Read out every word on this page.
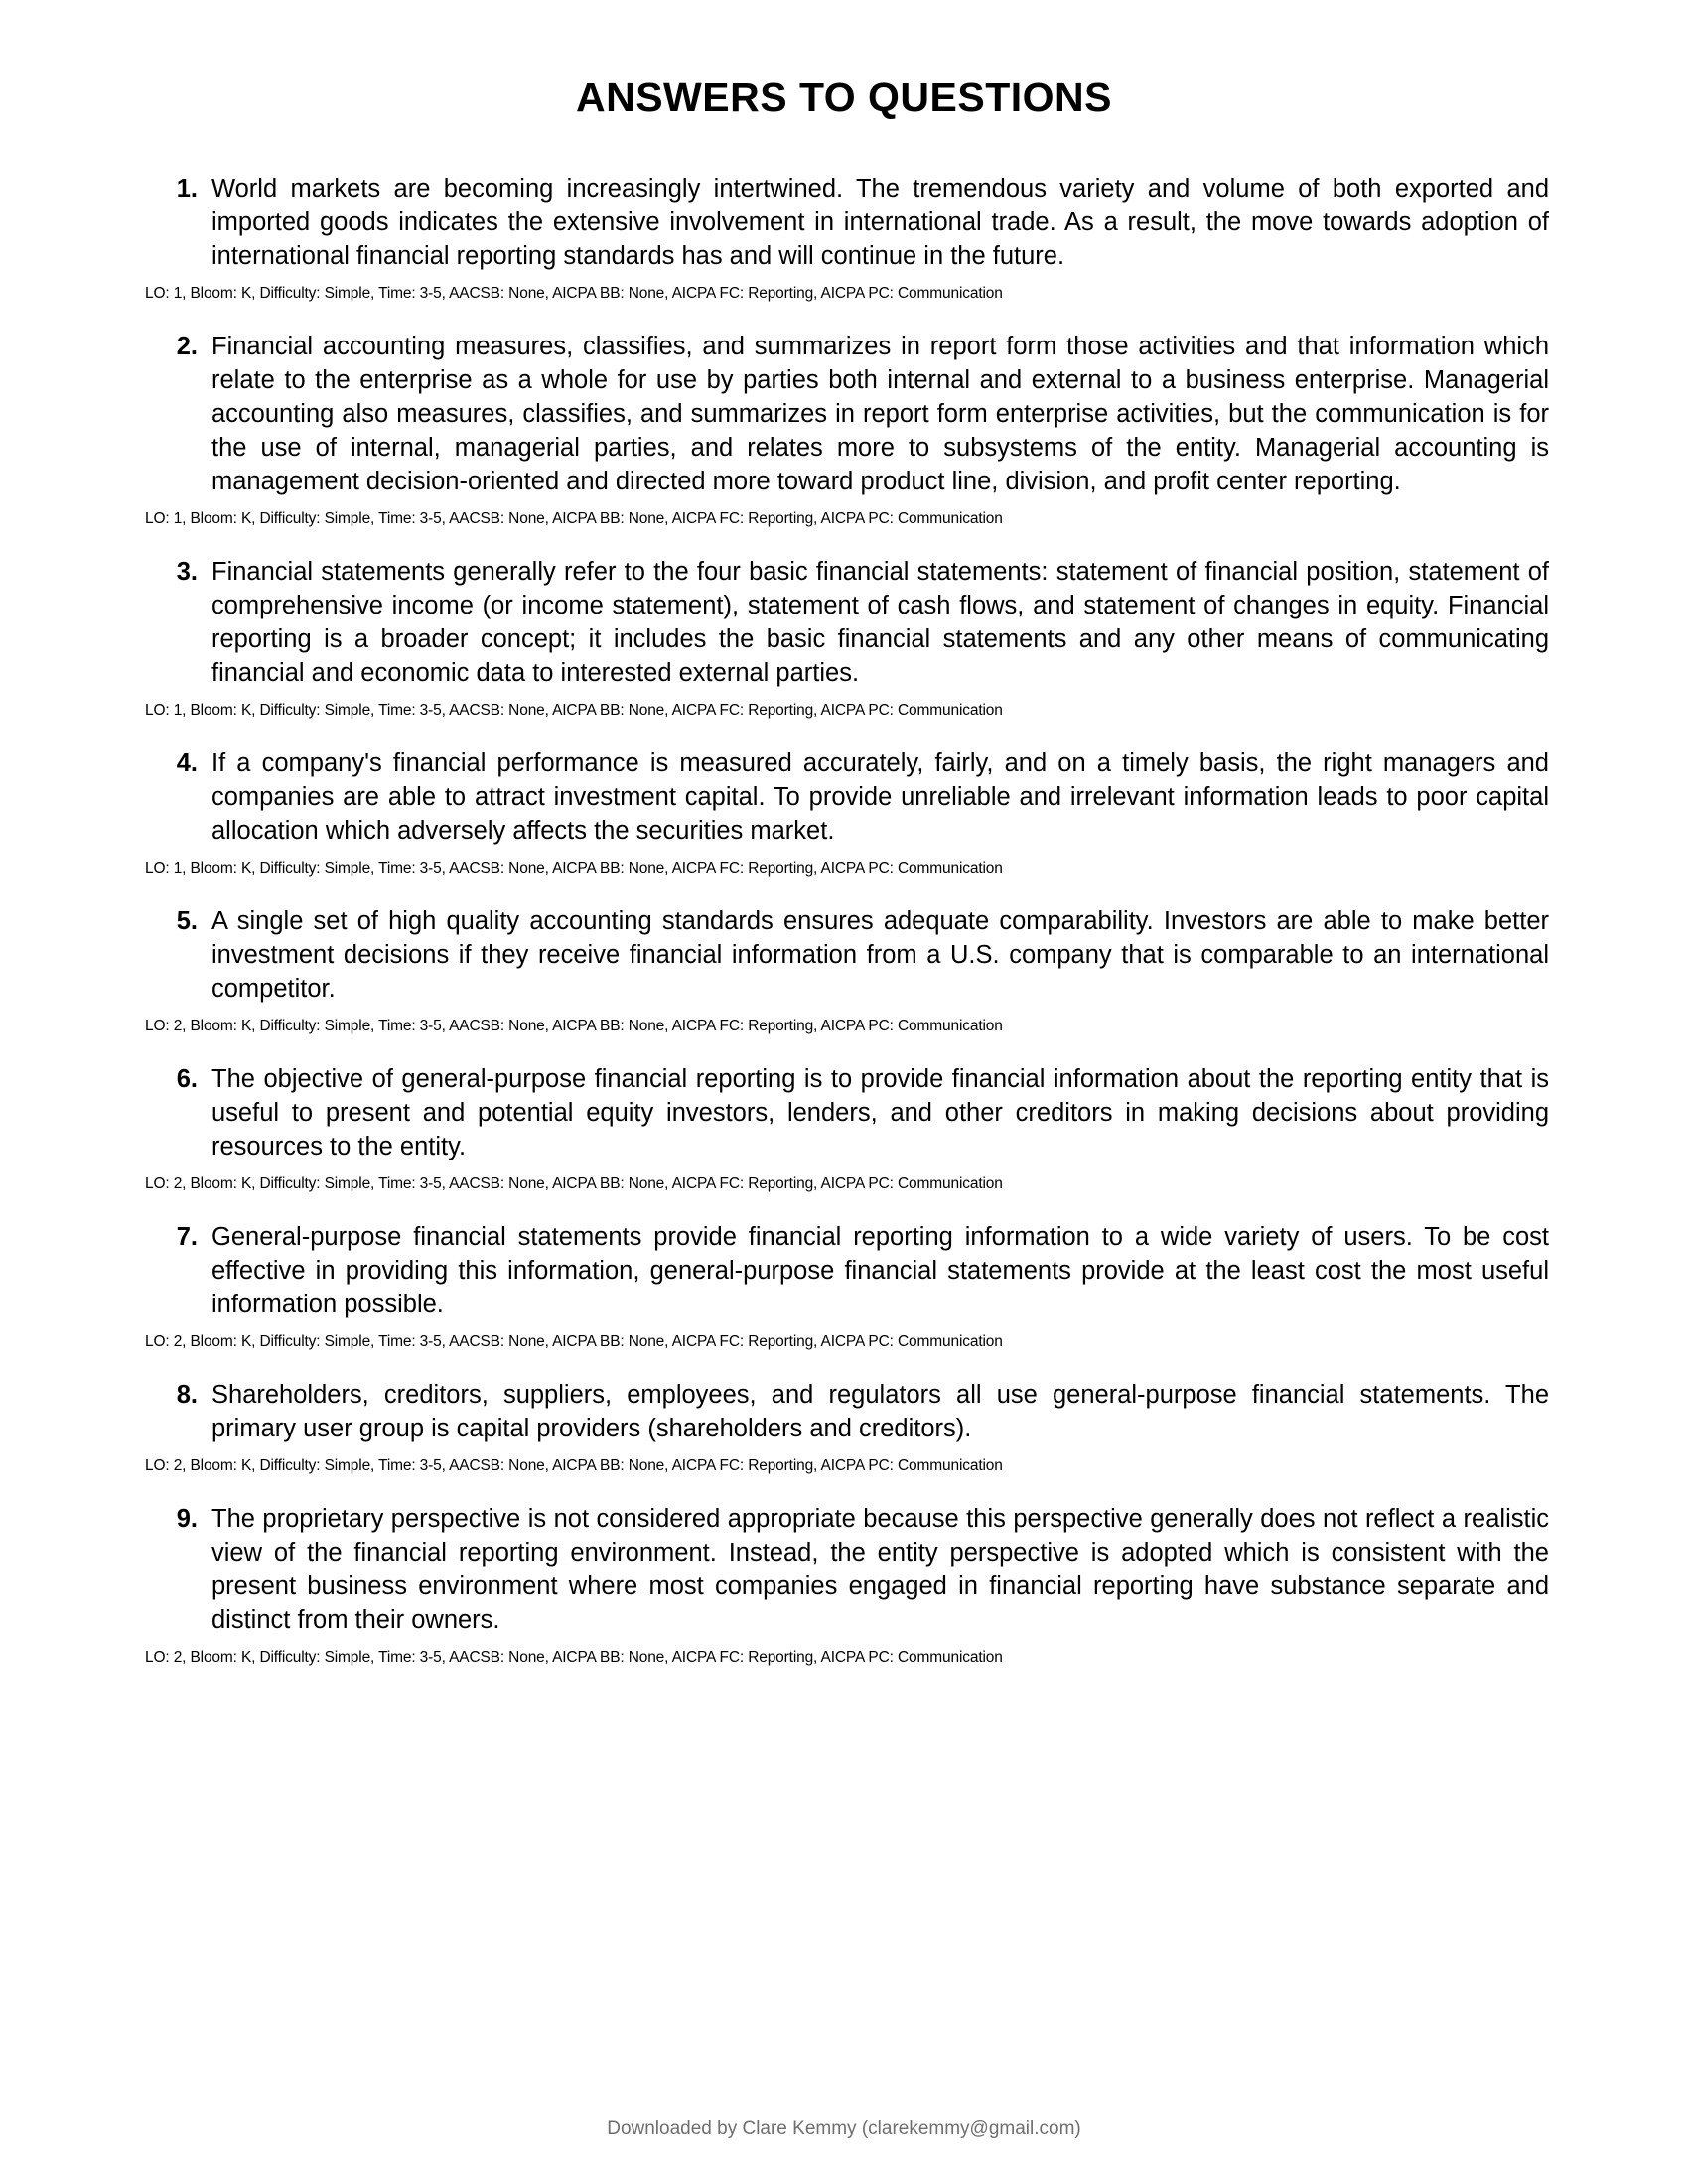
ANSWERS TO QUESTIONS
1. World markets are becoming increasingly intertwined. The tremendous variety and volume of both exported and imported goods indicates the extensive involvement in international trade. As a result, the move towards adoption of international financial reporting standards has and will continue in the future.
LO: 1, Bloom: K, Difficulty: Simple, Time: 3-5, AACSB: None, AICPA BB: None, AICPA FC: Reporting, AICPA PC: Communication
2. Financial accounting measures, classifies, and summarizes in report form those activities and that information which relate to the enterprise as a whole for use by parties both internal and external to a business enterprise. Managerial accounting also measures, classifies, and summarizes in report form enterprise activities, but the communication is for the use of internal, managerial parties, and relates more to subsystems of the entity. Managerial accounting is management decision-oriented and directed more toward product line, division, and profit center reporting.
LO: 1, Bloom: K, Difficulty: Simple, Time: 3-5, AACSB: None, AICPA BB: None, AICPA FC: Reporting, AICPA PC: Communication
3. Financial statements generally refer to the four basic financial statements: statement of financial position, statement of comprehensive income (or income statement), statement of cash flows, and statement of changes in equity. Financial reporting is a broader concept; it includes the basic financial statements and any other means of communicating financial and economic data to interested external parties.
LO: 1, Bloom: K, Difficulty: Simple, Time: 3-5, AACSB: None, AICPA BB: None, AICPA FC: Reporting, AICPA PC: Communication
4. If a company's financial performance is measured accurately, fairly, and on a timely basis, the right managers and companies are able to attract investment capital. To provide unreliable and irrelevant information leads to poor capital allocation which adversely affects the securities market.
LO: 1, Bloom: K, Difficulty: Simple, Time: 3-5, AACSB: None, AICPA BB: None, AICPA FC: Reporting, AICPA PC: Communication
5. A single set of high quality accounting standards ensures adequate comparability. Investors are able to make better investment decisions if they receive financial information from a U.S. company that is comparable to an international competitor.
LO: 2, Bloom: K, Difficulty: Simple, Time: 3-5, AACSB: None, AICPA BB: None, AICPA FC: Reporting, AICPA PC: Communication
6. The objective of general-purpose financial reporting is to provide financial information about the reporting entity that is useful to present and potential equity investors, lenders, and other creditors in making decisions about providing resources to the entity.
LO: 2, Bloom: K, Difficulty: Simple, Time: 3-5, AACSB: None, AICPA BB: None, AICPA FC: Reporting, AICPA PC: Communication
7. General-purpose financial statements provide financial reporting information to a wide variety of users. To be cost effective in providing this information, general-purpose financial statements provide at the least cost the most useful information possible.
LO: 2, Bloom: K, Difficulty: Simple, Time: 3-5, AACSB: None, AICPA BB: None, AICPA FC: Reporting, AICPA PC: Communication
8. Shareholders, creditors, suppliers, employees, and regulators all use general-purpose financial statements. The primary user group is capital providers (shareholders and creditors).
LO: 2, Bloom: K, Difficulty: Simple, Time: 3-5, AACSB: None, AICPA BB: None, AICPA FC: Reporting, AICPA PC: Communication
9. The proprietary perspective is not considered appropriate because this perspective generally does not reflect a realistic view of the financial reporting environment. Instead, the entity perspective is adopted which is consistent with the present business environment where most companies engaged in financial reporting have substance separate and distinct from their owners.
LO: 2, Bloom: K, Difficulty: Simple, Time: 3-5, AACSB: None, AICPA BB: None, AICPA FC: Reporting, AICPA PC: Communication
Downloaded by Clare Kemmy (clarekemmy@gmail.com)
